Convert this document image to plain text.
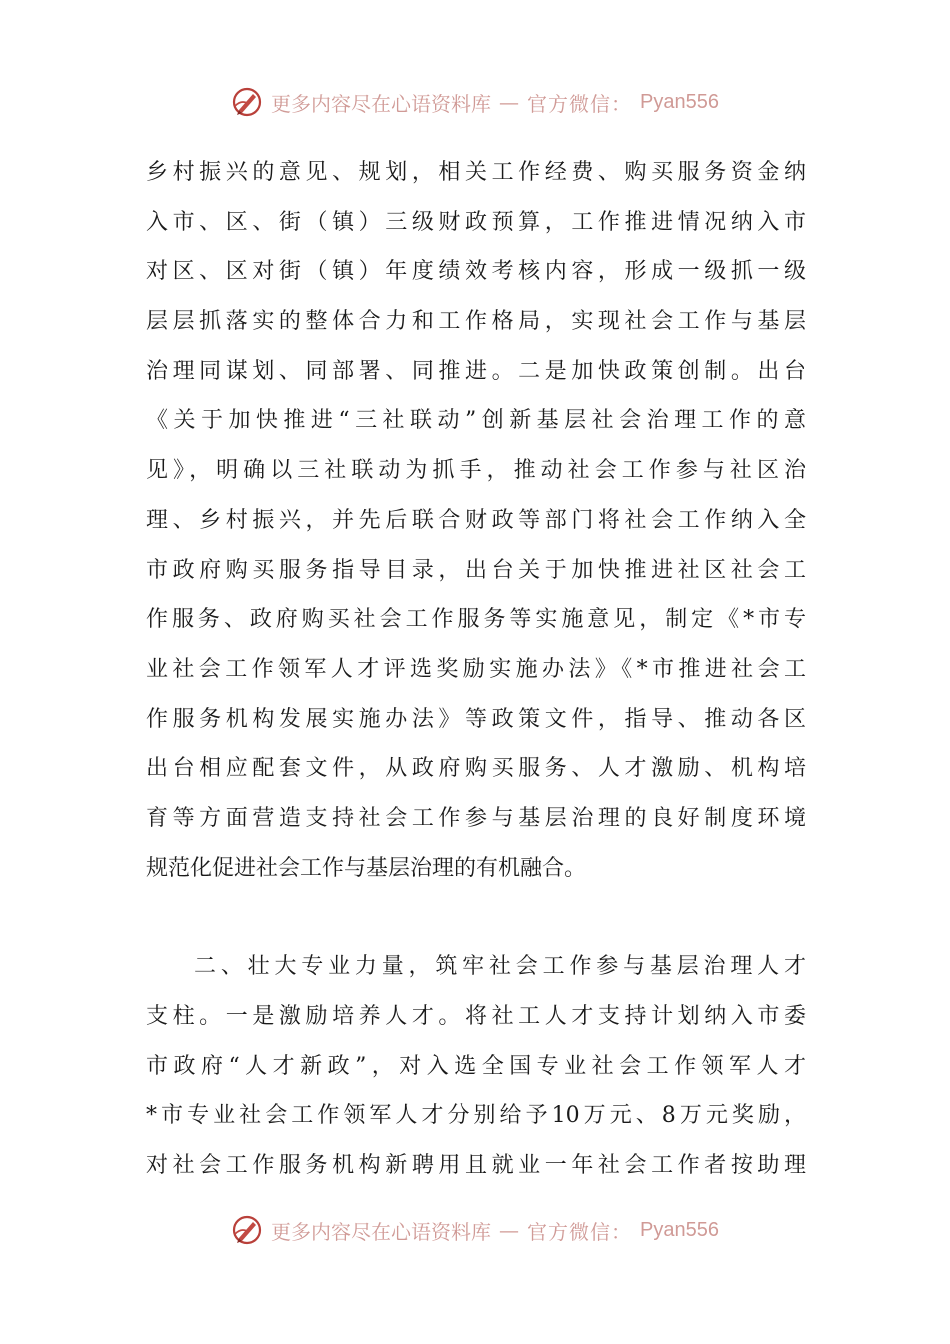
更多内容尽在心语资料库 — 官方微信： Pyan556
乡村振兴的意见、规划，相关工作经费、购买服务资金纳
入市、区、街（镇）三级财政预算，工作推进情况纳入市
对区、区对街（镇）年度绩效考核内容，形成一级抓一级
层层抓落实的整体合力和工作格局，实现社会工作与基层
治理同谋划、同部署、同推进。二是加快政策创制。出台
《关于加快推进“三社联动”创新基层社会治理工作的意
见》，明确以三社联动为抓手，推动社会工作参与社区治
理、乡村振兴，并先后联合财政等部门将社会工作纳入全
市政府购买服务指导目录，出台关于加快推进社区社会工
作服务、政府购买社会工作服务等实施意见，制定《*市专
业社会工作领军人才评选奖励实施办法》《*市推进社会工
作服务机构发展实施办法》等政策文件，指导、推动各区
出台相应配套文件，从政府购买服务、人才激励、机构培
育等方面营造支持社会工作参与基层治理的良好制度环境
规范化促进社会工作与基层治理的有机融合。
二、壮大专业力量，筑牢社会工作参与基层治理人才
支柱。一是激励培养人才。将社工人才支持计划纳入市委
市政府“人才新政”，对入选全国专业社会工作领军人才
*市专业社会工作领军人才分别给予10万元、8万元奖励，
对社会工作服务机构新聘用且就业一年社会工作者按助理
更多内容尽在心语资料库 — 官方微信： Pyan556
